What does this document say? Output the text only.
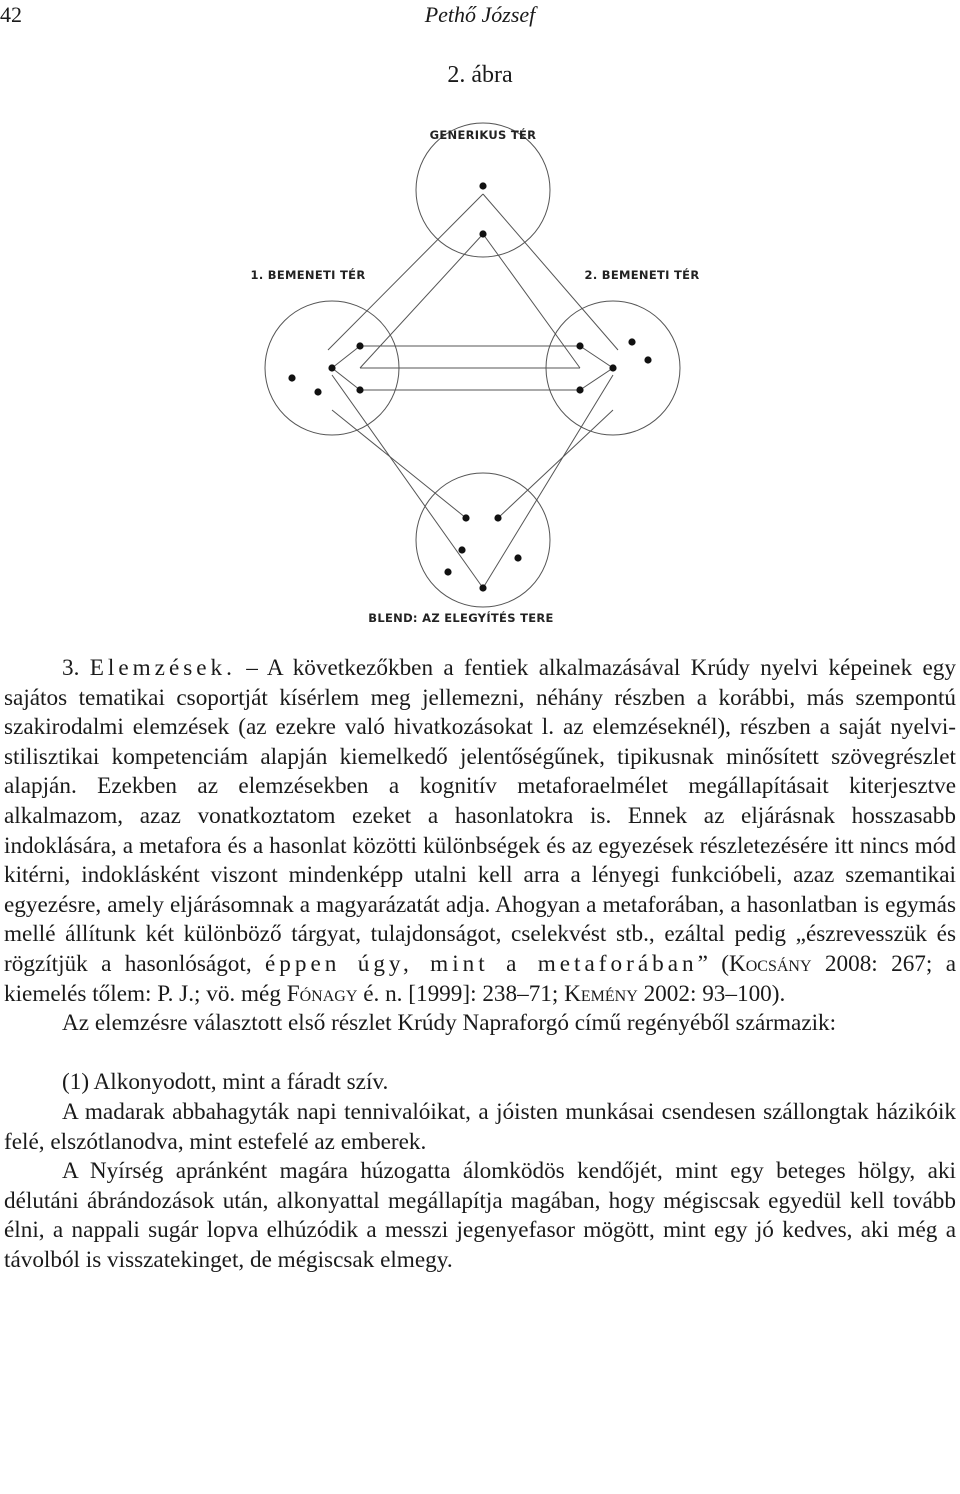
42	Pethő József
2. ábra
GENERIKUS TÉR
1. BEMENETI TÉR	2. BEMENETI TÉR
BLEND: AZ ELEGYÍTÉS TERE

3. Elemzések. – A következőkben a fentiek alkalmazásával Krúdy nyelvi képeinek egy sajátos tematikai csoportját kísérlem meg jellemezni, néhány részben a korábbi, más szempontú szakirodalmi elemzések (az ezekre való hivatkozásokat l. az elemzéseknél), részben a saját nyelvi-stilisztikai kompetenciám alapján kiemelkedő jelentőségűnek, tipikusnak minősített szövegrészlet alapján. Ezekben az elemzésekben a kognitív metaforaelmélet megállapításait kiterjesztve alkalmazom, azaz vonatkoztatom ezeket a hasonlatokra is. Ennek az eljárásnak hosszasabb indoklására, a metafora és a hasonlat közötti különbségek és az egyezések részletezésére itt nincs mód kitérni, indoklásként viszont mindenképp utalni kell arra a lényegi funkcióbeli, azaz szemantikai egyezésre, amely eljárásomnak a magyarázatát adja. Ahogyan a metaforában, a hasonlatban is egymás mellé állítunk két különböző tárgyat, tulajdonságot, cselekvést stb., ezáltal pedig „észrevesszük és rögzítjük a hasonlóságot, éppen úgy, mint a metaforában” (Kocsány 2008: 267; a kiemelés tőlem: P. J.; vö. még Fónagy é. n. [1999]: 238–71; Kemény 2002: 93–100).

Az elemzésre választott első részlet Krúdy Napraforgó című regényéből származik:

(1) Alkonyodott, mint a fáradt szív.

A madarak abbahagyták napi tennivalóikat, a jóisten munkásai csendesen szállongtak házikóik felé, elszótlanodva, mint estefelé az emberek.

A Nyírség apránként magára húzogatta álomködös kendőjét, mint egy beteges hölgy, aki délutáni ábrándozások után, alkonyattal megállapítja magában, hogy mégiscsak egyedül kell tovább élni, a nappali sugár lopva elhúzódik a messzi jegenyefasor mögött, mint egy jó kedves, aki még a távolból is visszatekinget, de mégiscsak elmegy.
